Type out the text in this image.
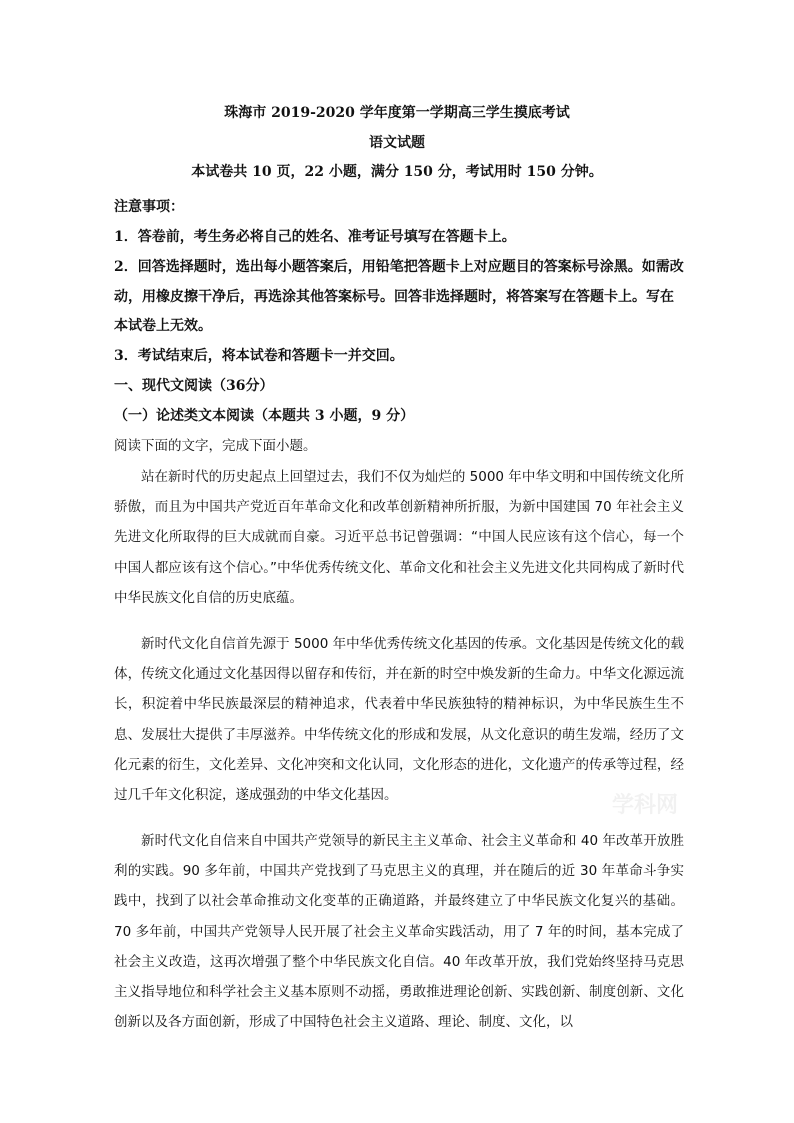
珠海市 2019-2020 学年度第一学期高三学生摸底考试
语文试题
本试卷共 10 页，22 小题，满分 150 分，考试用时 150 分钟。
注意事项：
1．答卷前，考生务必将自己的姓名、准考证号填写在答题卡上。
2．回答选择题时，选出每小题答案后，用铅笔把答题卡上对应题目的答案标号涂黑。如需改动，用橡皮擦干净后，再选涂其他答案标号。回答非选择题时，将答案写在答题卡上。写在本试卷上无效。
3．考试结束后，将本试卷和答题卡一并交回。
一、现代文阅读（36分）
（一）论述类文本阅读（本题共 3 小题，9 分）
阅读下面的文字，完成下面小题。

站在新时代的历史起点上回望过去，我们不仅为灿烂的 5000 年中华文明和中国传统文化所骄傲，而且为中国共产党近百年革命文化和改革创新精神所折服，为新中国建国 70 年社会主义先进文化所取得的巨大成就而自豪。习近平总书记曾强调：“中国人民应该有这个信心，每一个中国人都应该有这个信心。”中华优秀传统文化、革命文化和社会主义先进文化共同构成了新时代中华民族文化自信的历史底蕴。

新时代文化自信首先源于 5000 年中华优秀传统文化基因的传承。文化基因是传统文化的载体，传统文化通过文化基因得以留存和传衍，并在新的时空中焕发新的生命力。中华文化源远流长，积淀着中华民族最深层的精神追求，代表着中华民族独特的精神标识，为中华民族生生不息、发展壮大提供了丰厚滋养。中华传统文化的形成和发展，从文化意识的萌生发端，经历了文化元素的衍生，文化差异、文化冲突和文化认同，文化形态的进化，文化遗产的传承等过程，经过几千年文化积淀，遂成强劲的中华文化基因。

新时代文化自信来自中国共产党领导的新民主主义革命、社会主义革命和 40 年改革开放胜利的实践。90 多年前，中国共产党找到了马克思主义的真理，并在随后的近 30 年革命斗争实践中，找到了以社会革命推动文化变革的正确道路，并最终建立了中华民族文化复兴的基础。70 多年前，中国共产党领导人民开展了社会主义革命实践活动，用了 7 年的时间，基本完成了社会主义改造，这再次增强了整个中华民族文化自信。40 年改革开放，我们党始终坚持马克思主义指导地位和科学社会主义基本原则不动摇，勇敢推进理论创新、实践创新、制度创新、文化创新以及各方面创新，形成了中国特色社会主义道路、理论、制度、文化，以

学科网
